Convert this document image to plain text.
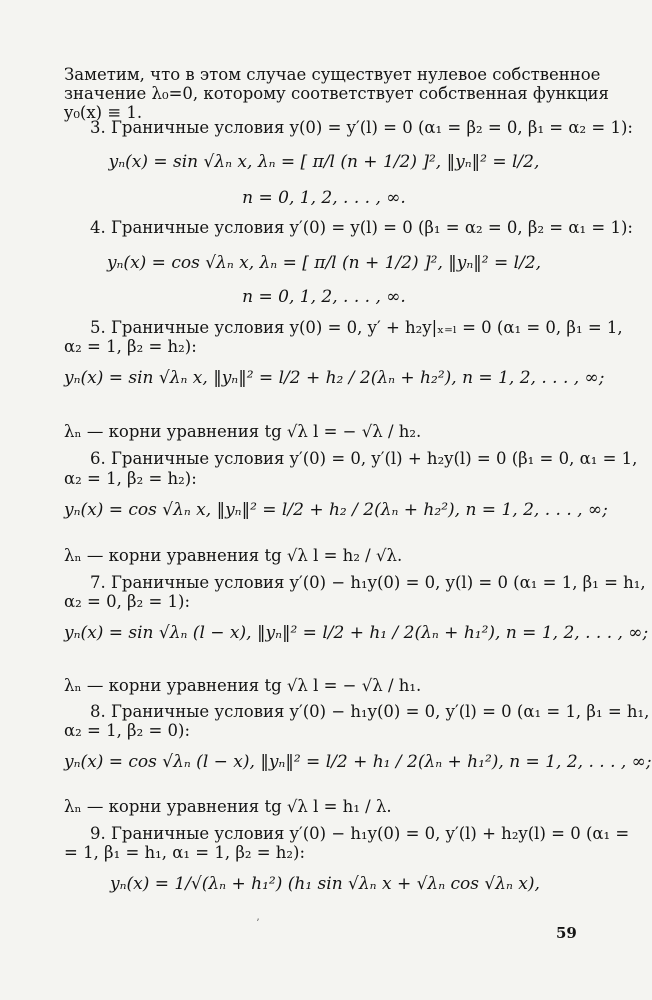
Заметим, что в этом случае существует нулевое собственное
значение λ₀=0, которому соответствует собственная функция
y₀(x) ≡ 1.
3. Граничные условия y(0) = y′(l) = 0 (α₁ = β₂ = 0, β₁ = α₂ = 1):
yₙ(x) = sin √λₙ x, λₙ = [ π/l (n + 1/2) ]², ‖yₙ‖² = l/2,
n = 0, 1, 2, . . . , ∞.
4. Граничные условия y′(0) = y(l) = 0 (β₁ = α₂ = 0, β₂ = α₁ = 1):
yₙ(x) = cos √λₙ x, λₙ = [ π/l (n + 1/2) ]², ‖yₙ‖² = l/2,
n = 0, 1, 2, . . . , ∞.
5. Граничные условия y(0) = 0, y′ + h₂y|ₓ₌ₗ = 0 (α₁ = 0, β₁ = 1,
α₂ = 1, β₂ = h₂):
yₙ(x) = sin √λₙ x, ‖yₙ‖² = l/2 + h₂ / 2(λₙ + h₂²), n = 1, 2, . . . , ∞;
λₙ — корни уравнения tg √λ l = − √λ / h₂.
6. Граничные условия y′(0) = 0, y′(l) + h₂y(l) = 0 (β₁ = 0, α₁ = 1,
α₂ = 1, β₂ = h₂):
yₙ(x) = cos √λₙ x, ‖yₙ‖² = l/2 + h₂ / 2(λₙ + h₂²), n = 1, 2, . . . , ∞;
λₙ — корни уравнения tg √λ l = h₂ / √λ.
7. Граничные условия y′(0) − h₁y(0) = 0, y(l) = 0 (α₁ = 1, β₁ = h₁,
α₂ = 0, β₂ = 1):
yₙ(x) = sin √λₙ (l − x), ‖yₙ‖² = l/2 + h₁ / 2(λₙ + h₁²), n = 1, 2, . . . , ∞;
λₙ — корни уравнения tg √λ l = − √λ / h₁.
8. Граничные условия y′(0) − h₁y(0) = 0, y′(l) = 0 (α₁ = 1, β₁ = h₁,
α₂ = 1, β₂ = 0):
yₙ(x) = cos √λₙ (l − x), ‖yₙ‖² = l/2 + h₁ / 2(λₙ + h₁²), n = 1, 2, . . . , ∞;
λₙ — корни уравнения tg √λ l = h₁ / λ.
9. Граничные условия y′(0) − h₁y(0) = 0, y′(l) + h₂y(l) = 0 (α₁ =
= 1, β₁ = h₁, α₁ = 1, β₂ = h₂):
yₙ(x) = 1/√(λₙ + h₁²) (h₁ sin √λₙ x + √λₙ cos √λₙ x),
ʼ
59
